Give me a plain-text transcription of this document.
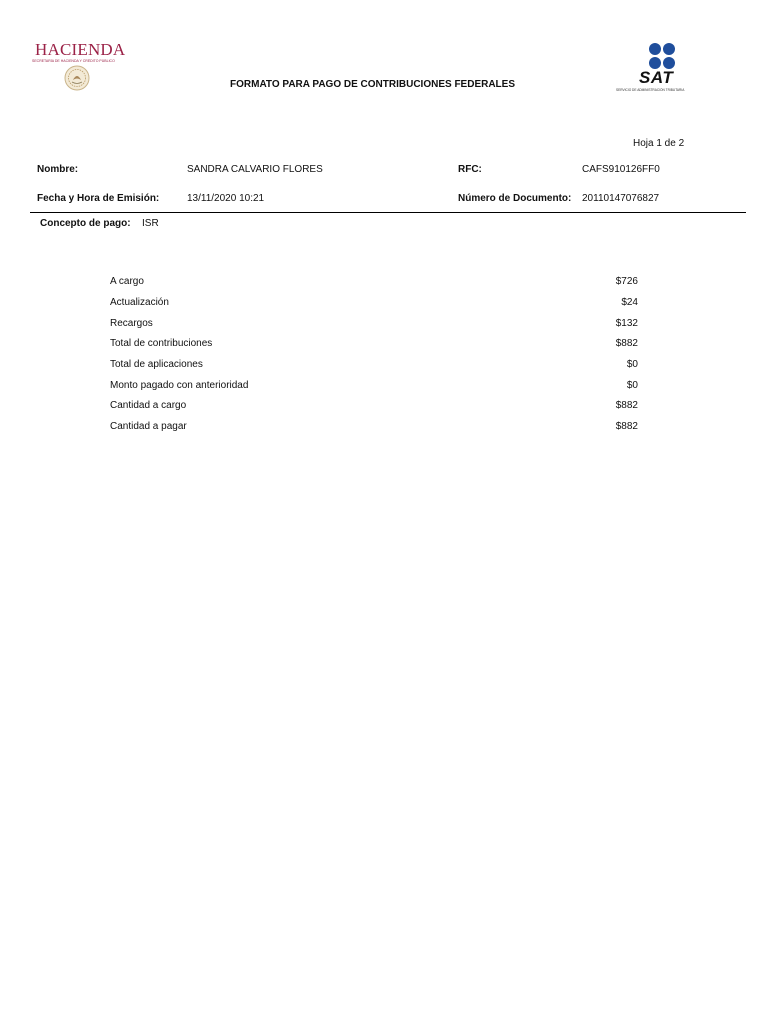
HACIENDA
SECRETARÍA DE HACIENDA Y CRÉDITO PÚBLICO
FORMATO PARA PAGO DE CONTRIBUCIONES FEDERALES	SAT
SERVICIO DE ADMINISTRACIÓN TRIBUTARIA
Hoja 1 de 2
Nombre:	SANDRA CALVARIO FLORES	RFC:	CAFS910126FF0
Fecha y Hora de Emisión:	13/11/2020 10:21	Número de Documento: 20110147076827
Concepto de pago: ISR
A cargo	$726
Actualización	$24
Recargos	$132
Total de contribuciones	$882
Total de aplicaciones	$0
Monto pagado con anterioridad	$0
Cantidad a cargo	$882
Cantidad a pagar	$882
